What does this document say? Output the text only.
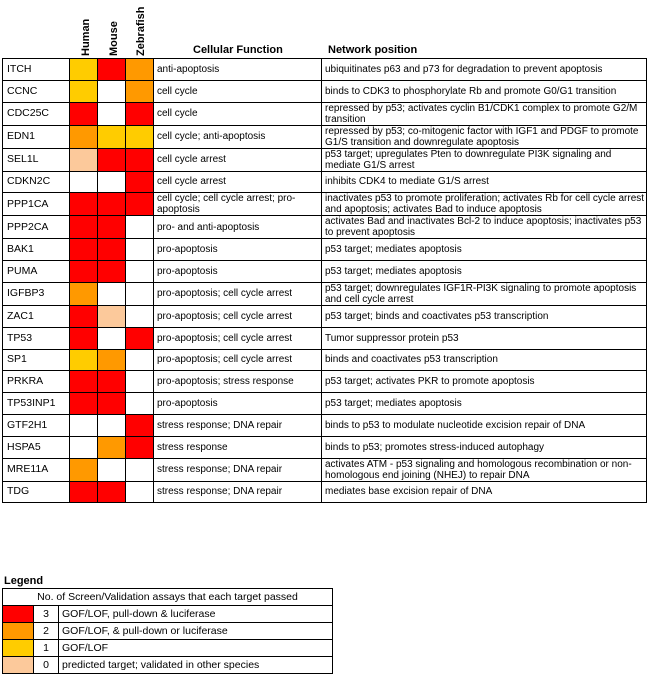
Human Mouse Zebrafish	Cellular Function	Network position
ITCH				anti-apoptosis	ubiquitinates p63 and p73 for degradation to prevent apoptosis
CCNC				cell cycle	binds to CDK3 to phosphorylate Rb and promote G0/G1 transition
CDC25C				cell cycle	repressed by p53; activates cyclin B1/CDK1 complex to promote G2/M transition
EDN1				cell cycle; anti-apoptosis	repressed by p53; co-mitogenic factor with IGF1 and PDGF to promote G1/S transition and downregulate apoptosis
SEL1L				cell cycle arrest	p53 target; upregulates Pten to downregulate PI3K signaling and mediate G1/S arrest
CDKN2C				cell cycle arrest	inhibits CDK4 to mediate G1/S arrest
PPP1CA				cell cycle; cell cycle arrest; pro-apoptosis	inactivates p53 to promote proliferation; activates Rb for cell cycle arrest and apoptosis; activates Bad to induce apoptosis
PPP2CA				pro- and anti-apoptosis	activates Bad and inactivates Bcl-2 to induce apoptosis; inactivates p53 to prevent apoptosis
BAK1				pro-apoptosis	p53 target; mediates apoptosis
PUMA				pro-apoptosis	p53 target; mediates apoptosis
IGFBP3				pro-apoptosis; cell cycle arrest	p53 target; downregulates IGF1R-PI3K signaling to promote apoptosis and cell cycle arrest
ZAC1				pro-apoptosis; cell cycle arrest	p53 target; binds and coactivates p53 transcription
TP53				pro-apoptosis; cell cycle arrest	Tumor suppressor protein p53
SP1				pro-apoptosis; cell cycle arrest	binds and coactivates p53 transcription
PRKRA				pro-apoptosis; stress response	p53 target; activates PKR to promote apoptosis
TP53INP1				pro-apoptosis	p53 target; mediates apoptosis
GTF2H1				stress response; DNA repair	binds to p53 to modulate nucleotide excision repair of DNA
HSPA5				stress response	binds to p53; promotes stress-induced autophagy
MRE11A				stress response; DNA repair	activates ATM - p53 signaling and homologous recombination or non-homologous end joining (NHEJ) to repair DNA
TDG				stress response; DNA repair	mediates base excision repair of DNA
Legend
No. of Screen/Validation assays that each target passed		
	3	GOF/LOF, pull-down & luciferase
	2	GOF/LOF, & pull-down or luciferase
	1	GOF/LOF
	0	predicted target; validated in other species
